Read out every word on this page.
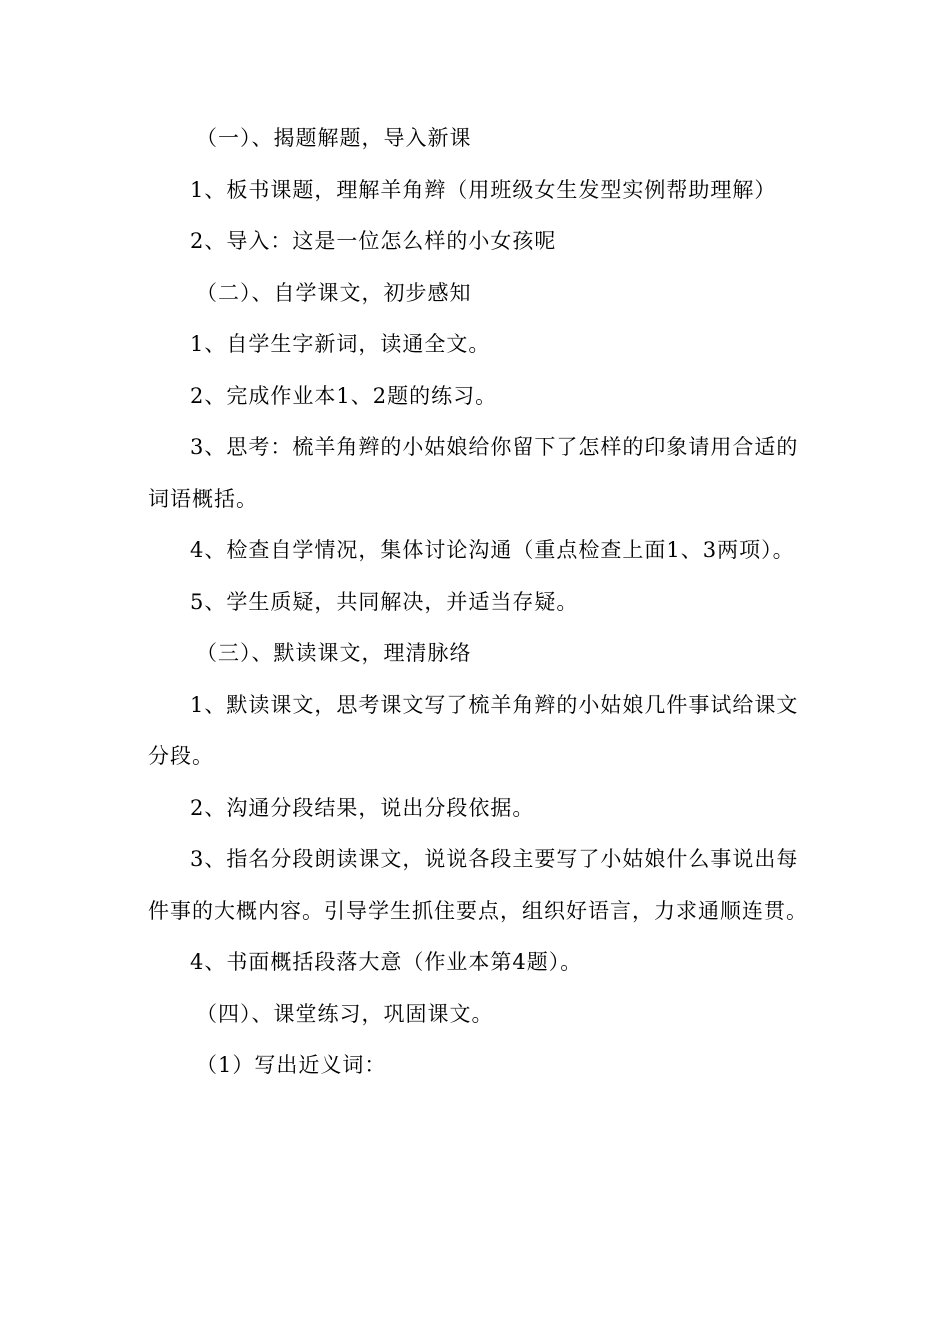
（一）、揭题解题，导入新课

1、板书课题，理解羊角辫（用班级女生发型实例帮助理解）

2、导入：这是一位怎么样的小女孩呢

（二）、自学课文，初步感知

1、自学生字新词，读通全文。

2、完成作业本1、2题的练习。

3、思考：梳羊角辫的小姑娘给你留下了怎样的印象请用合适的词语概括。

4、检查自学情况，集体讨论沟通（重点检查上面1、3两项）。

5、学生质疑，共同解决，并适当存疑。

（三）、默读课文，理清脉络

1、默读课文，思考课文写了梳羊角辫的小姑娘几件事试给课文分段。

2、沟通分段结果，说出分段依据。

3、指名分段朗读课文，说说各段主要写了小姑娘什么事说出每件事的大概内容。引导学生抓住要点，组织好语言，力求通顺连贯。

4、书面概括段落大意（作业本第4题）。

（四）、课堂练习，巩固课文。

（1）写出近义词：
